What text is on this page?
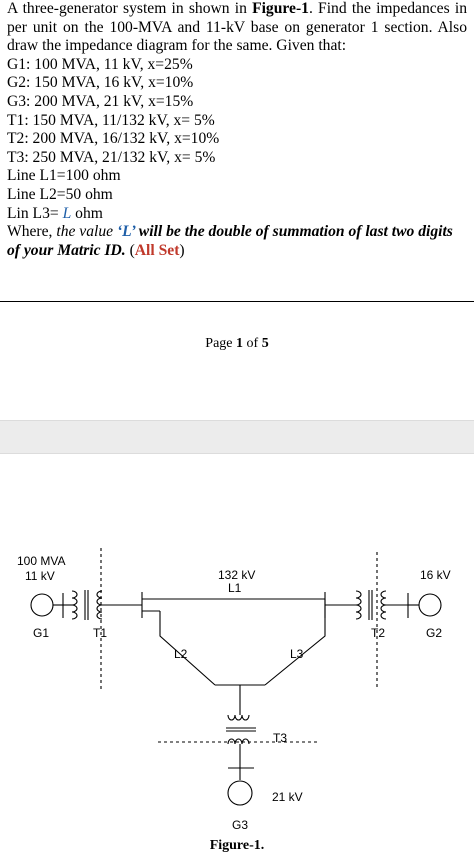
A three-generator system in shown in Figure-1. Find the impedances in per unit on the 100-MVA and 11-kV base on generator 1 section. Also draw the impedance diagram for the same. Given that:
G1: 100 MVA, 11 kV, x=25%
G2: 150 MVA, 16 kV, x=10%
G3: 200 MVA, 21 kV, x=15%
T1: 150 MVA, 11/132 kV, x= 5%
T2: 200 MVA, 16/132 kV, x=10%
T3: 250 MVA, 21/132 kV, x= 5%
Line L1=100 ohm
Line L2=50 ohm
Lin L3= L ohm
Where, the value ‘L’ will be the double of summation of last two digits of your Matric ID. (All Set)
Page 1 of 5
100 MVA
11 kV	132 kV
L1
16 kV
G1	T1	T2	G2
L2	L3
T3
21 kV
G3
Figure-1.
